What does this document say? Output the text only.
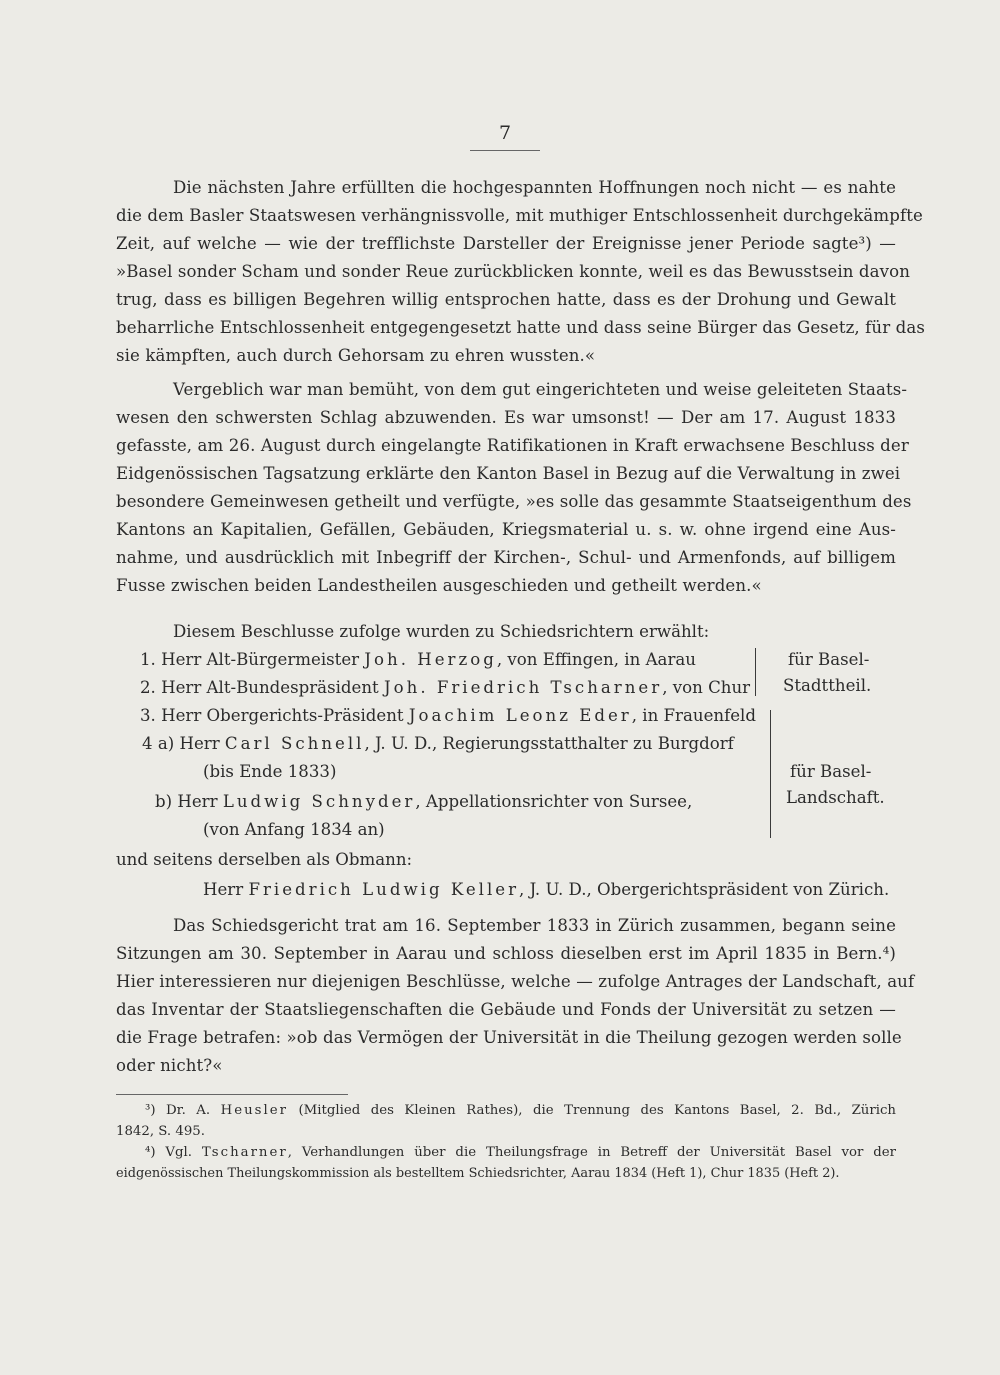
7
Die nächsten Jahre erfüllten die hochgespannten Hoffnungen noch nicht — es nahte
die dem Basler Staatswesen verhängnissvolle, mit muthiger Entschlossenheit durchgekämpfte
Zeit, auf welche — wie der trefflichste Darsteller der Ereignisse jener Periode sagte³) —
»Basel sonder Scham und sonder Reue zurückblicken konnte, weil es das Bewusstsein davon
trug, dass es billigen Begehren willig entsprochen hatte, dass es der Drohung und Gewalt
beharrliche Entschlossenheit entgegengesetzt hatte und dass seine Bürger das Gesetz, für das
sie kämpften, auch durch Gehorsam zu ehren wussten.«
Vergeblich war man bemüht, von dem gut eingerichteten und weise geleiteten Staats-
wesen den schwersten Schlag abzuwenden. Es war umsonst! — Der am 17. August 1833
gefasste, am 26. August durch eingelangte Ratifikationen in Kraft erwachsene Beschluss der
Eidgenössischen Tagsatzung erklärte den Kanton Basel in Bezug auf die Verwaltung in zwei
besondere Gemeinwesen getheilt und verfügte, »es solle das gesammte Staatseigenthum des
Kantons an Kapitalien, Gefällen, Gebäuden, Kriegsmaterial u. s. w. ohne irgend eine Aus-
nahme, und ausdrücklich mit Inbegriff der Kirchen-, Schul- und Armenfonds, auf billigem
Fusse zwischen beiden Landestheilen ausgeschieden und getheilt werden.«
Diesem Beschlusse zufolge wurden zu Schiedsrichtern erwählt:
1. Herr Alt-Bürgermeister Joh. Herzog, von Effingen, in Aarau
2. Herr Alt-Bundespräsident Joh. Friedrich Tscharner, von Chur
3. Herr Obergerichts-Präsident Joachim Leonz Eder, in Frauenfeld
4 a) Herr Carl Schnell, J. U. D., Regierungsstatthalter zu Burgdorf
(bis Ende 1833)
b) Herr Ludwig Schnyder, Appellationsrichter von Sursee,
(von Anfang 1834 an)
für Basel-
Stadttheil.
für Basel-
Landschaft.
und seitens derselben als Obmann:
Herr Friedrich Ludwig Keller, J. U. D., Obergerichtspräsident von Zürich.
Das Schiedsgericht trat am 16. September 1833 in Zürich zusammen, begann seine
Sitzungen am 30. September in Aarau und schloss dieselben erst im April 1835 in Bern.⁴)
Hier interessieren nur diejenigen Beschlüsse, welche — zufolge Antrages der Landschaft, auf
das Inventar der Staatsliegenschaften die Gebäude und Fonds der Universität zu setzen —
die Frage betrafen: »ob das Vermögen der Universität in die Theilung gezogen werden solle
oder nicht?«
³) Dr. A. Heusler (Mitglied des Kleinen Rathes), die Trennung des Kantons Basel, 2. Bd., Zürich
1842, S. 495.
⁴) Vgl. Tscharner, Verhandlungen über die Theilungsfrage in Betreff der Universität Basel vor der
eidgenössischen Theilungskommission als bestelltem Schiedsrichter, Aarau 1834 (Heft 1), Chur 1835 (Heft 2).
